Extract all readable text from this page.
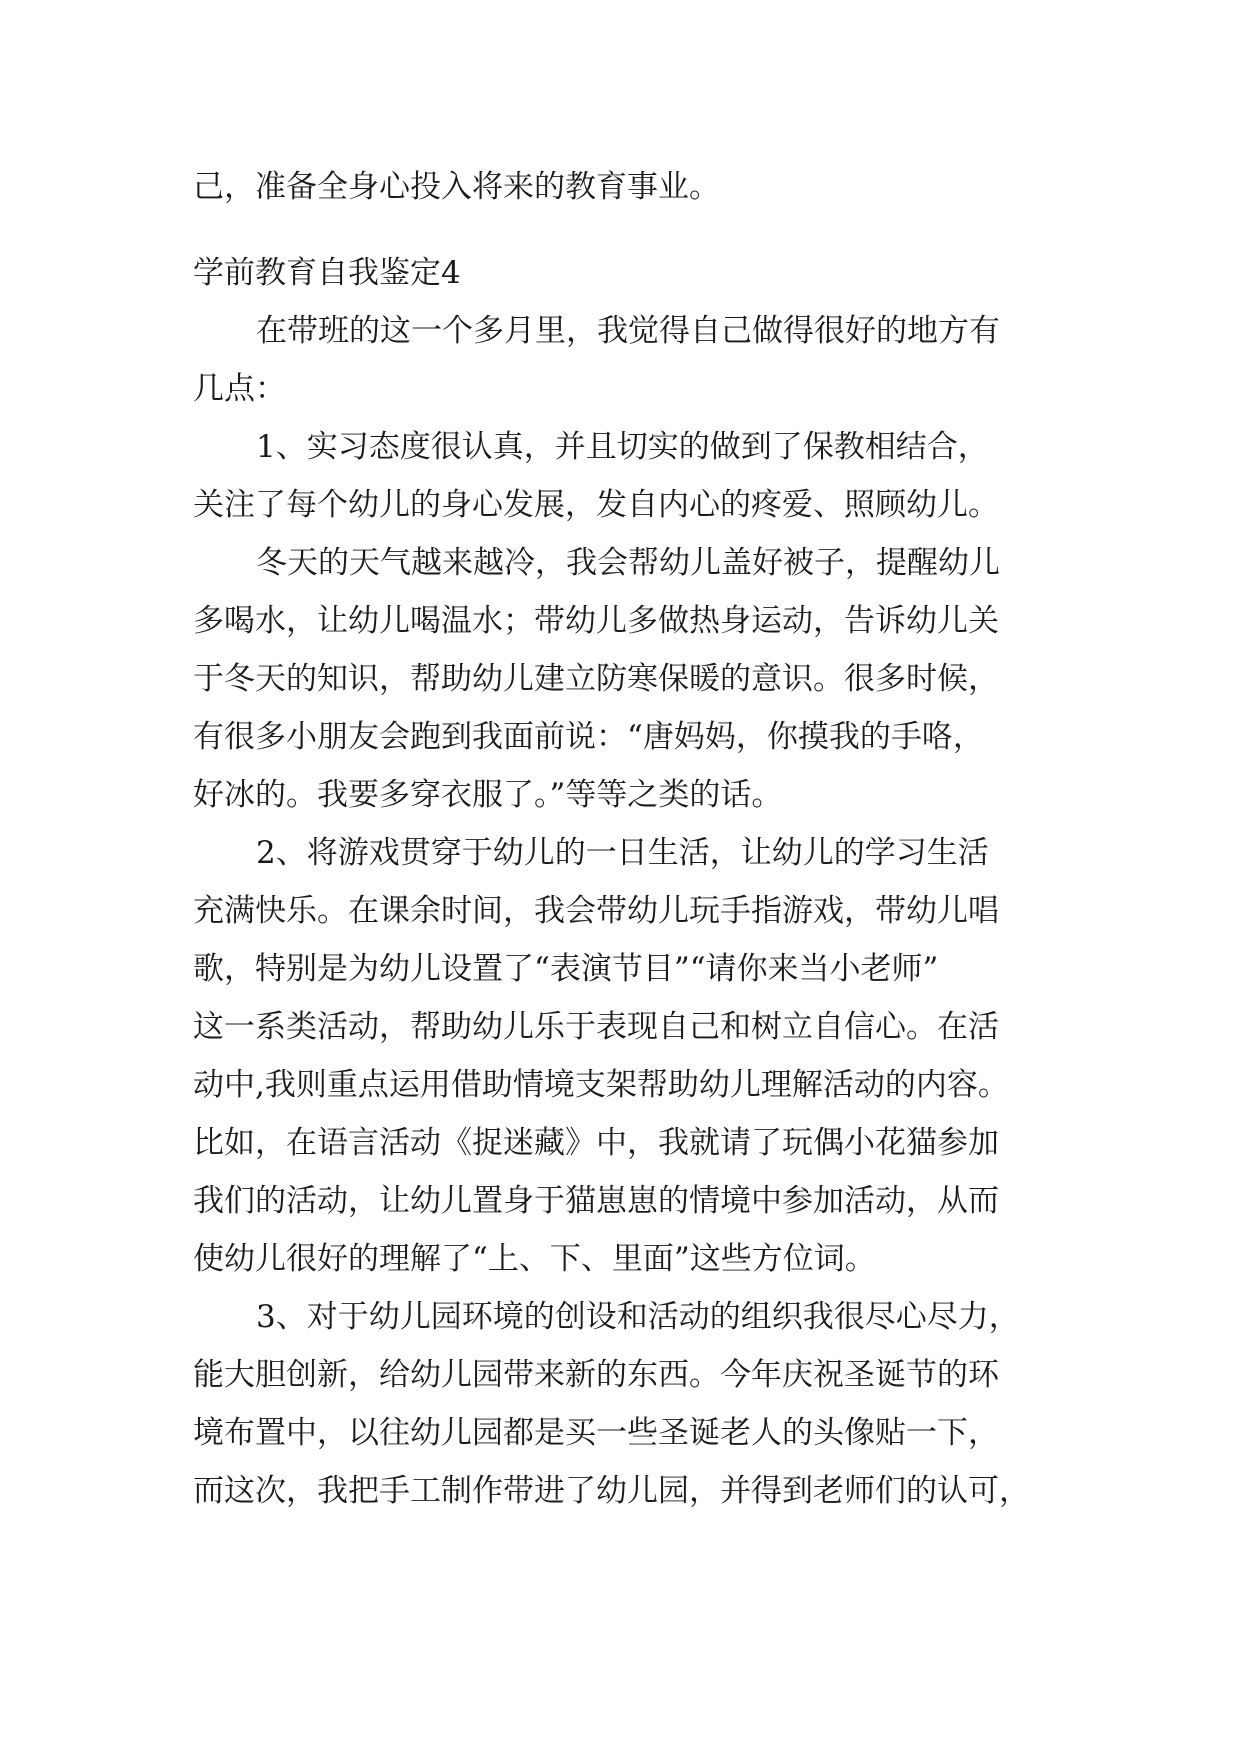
己，准备全身心投入将来的教育事业。

学前教育自我鉴定4

在带班的这一个多月里，我觉得自己做得很好的地方有

几点：

1、实习态度很认真，并且切实的做到了保教相结合，

关注了每个幼儿的身心发展，发自内心的疼爱、照顾幼儿。

冬天的天气越来越冷，我会帮幼儿盖好被子，提醒幼儿

多喝水，让幼儿喝温水；带幼儿多做热身运动，告诉幼儿关

于冬天的知识，帮助幼儿建立防寒保暖的意识。很多时候，

有很多小朋友会跑到我面前说：“唐妈妈，你摸我的手咯，

好冰的。我要多穿衣服了。”等等之类的话。

2、将游戏贯穿于幼儿的一日生活，让幼儿的学习生活

充满快乐。在课余时间，我会带幼儿玩手指游戏，带幼儿唱

歌，特别是为幼儿设置了“表演节目”“请你来当小老师”

这一系类活动，帮助幼儿乐于表现自己和树立自信心。在活

动中,我则重点运用借助情境支架帮助幼儿理解活动的内容。

比如，在语言活动《捉迷藏》中，我就请了玩偶小花猫参加

我们的活动，让幼儿置身于猫崽崽的情境中参加活动，从而

使幼儿很好的理解了“上、下、里面”这些方位词。

3、对于幼儿园环境的创设和活动的组织我很尽心尽力，

能大胆创新，给幼儿园带来新的东西。今年庆祝圣诞节的环

境布置中，以往幼儿园都是买一些圣诞老人的头像贴一下，

而这次，我把手工制作带进了幼儿园，并得到老师们的认可，
